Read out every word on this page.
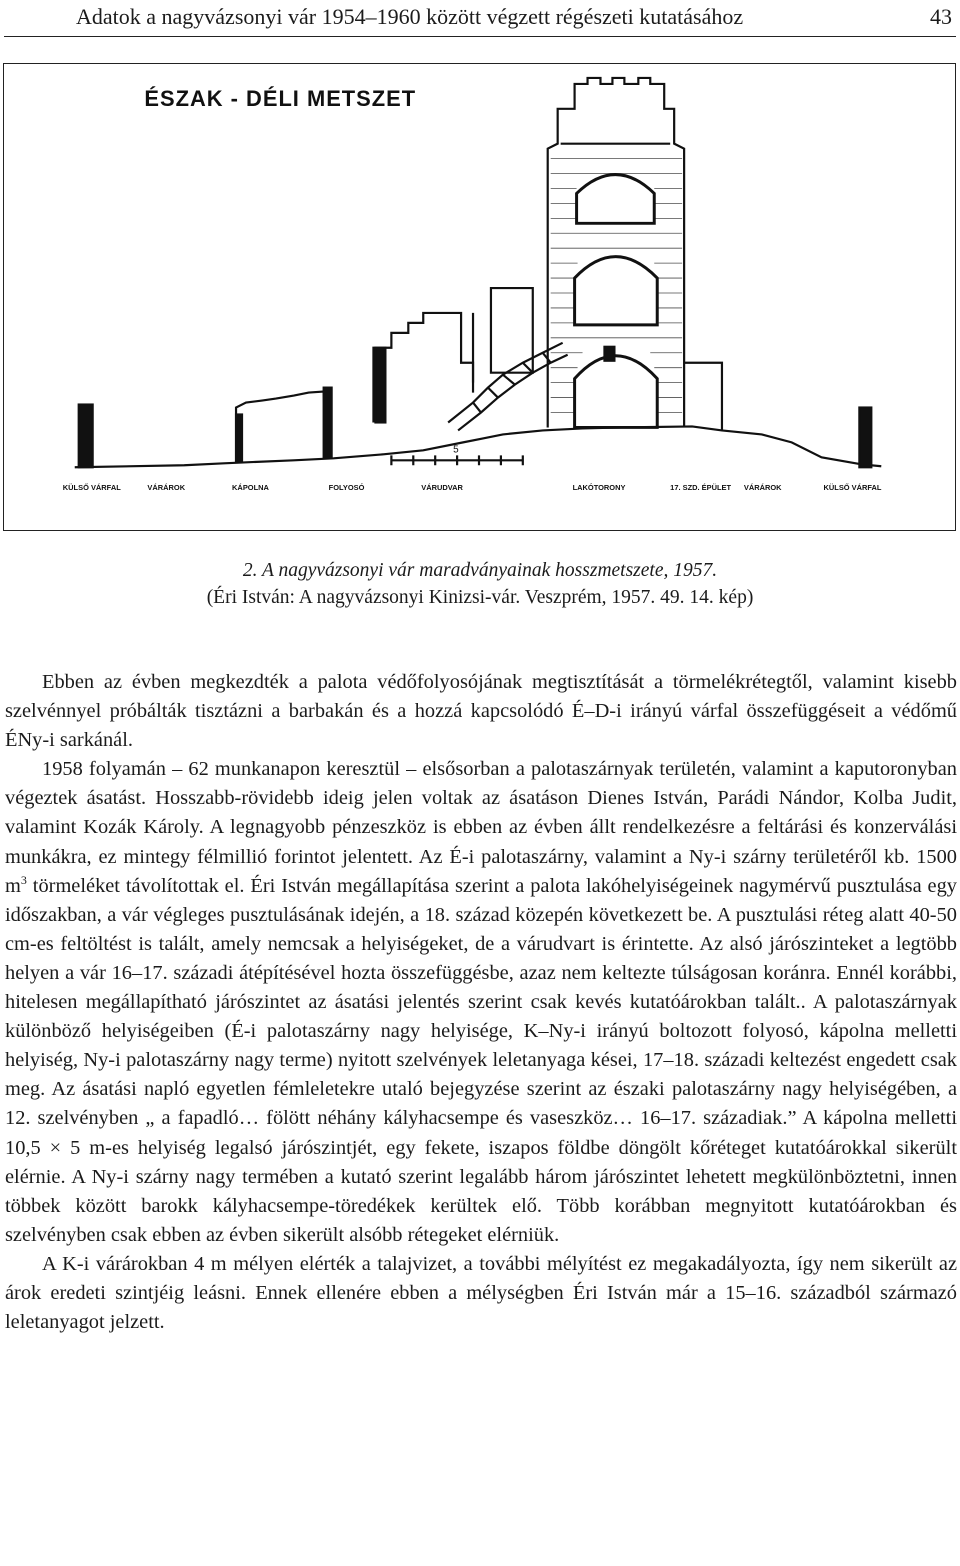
Adatok a nagyvázsonyi vár 1954–1960 között végzett régészeti kutatásához	43
ÉSZAK - DÉLI METSZET
5
KÜLSŐ VÁRFAL	VÁRÁROK	KÁPOLNA	FOLYOSÓ	VÁRUDVAR	LAKÓTORONY	17. SZD. ÉPÜLET VÁRÁROK	KÜLSŐ VÁRFAL
2. A nagyvázsonyi vár maradványainak hosszmetszete, 1957.
(Éri István: A nagyvázsonyi Kinizsi-vár. Veszprém, 1957. 49. 14. kép)

Ebben az évben megkezdték a palota védőfolyosójának megtisztítását a törmelékrétegtől, valamint kisebb szelvénnyel próbálták tisztázni a barbakán és a hozzá kapcsolódó É–D-i irányú várfal összefüggéseit a védőmű ÉNy-i sarkánál.

1958 folyamán – 62 munkanapon keresztül – elsősorban a palotaszárnyak területén, valamint a kaputoronyban végeztek ásatást. Hosszabb-rövidebb ideig jelen voltak az ásatáson Dienes István, Parádi Nándor, Kolba Judit, valamint Kozák Károly. A legnagyobb pénzeszköz is ebben az évben állt rendelkezésre a feltárási és konzerválási munkákra, ez mintegy félmillió forintot jelentett. Az É-i palotaszárny, valamint a Ny-i szárny területéről kb. 1500 $m^3$ törmeléket távolítottak el. Éri István megállapítása szerint a palota lakóhelyiségeinek nagymérvű pusztulása egy időszakban, a vár végleges pusztulásának idején, a 18. század közepén következett be. A pusztulási réteg alatt 40-50 cm-es feltöltést is talált, amely nemcsak a helyiségeket, de a várudvart is érintette. Az alsó járószinteket a legtöbb helyen a vár 16–17. századi átépítésével hozta összefüggésbe, azaz nem keltezte túlságosan koránra. Ennél korábbi, hitelesen megállapítható járószintet az ásatási jelentés szerint csak kevés kutatóárokban talált.. A palotaszárnyak különböző helyiségeiben (É-i palotaszárny nagy helyisége, K–Ny-i irányú boltozott folyosó, kápolna melletti helyiség, Ny-i palotaszárny nagy terme) nyitott szelvények leletanyaga kései, 17–18. századi keltezést engedett csak meg. Az ásatási napló egyetlen fémleletekre utaló bejegyzése szerint az északi palotaszárny nagy helyiségében, a 12. szelvényben „ a fapadló… fölött néhány kályhacsempe és vaseszköz… 16–17. századiak.” A kápolna melletti 10,5 × 5 m-es helyiség legalsó járószintjét, egy fekete, iszapos földbe döngölt kőréteget kutatóárokkal sikerült elérnie. A Ny-i szárny nagy termében a kutató szerint legalább három járószintet lehetett megkülönböztetni, innen többek között barokk kályhacsempe-töredékek kerültek elő. Több korábban megnyitott kutatóárokban és szelvényben csak ebben az évben sikerült alsóbb rétegeket elérniük.

A K-i várárokban 4 m mélyen elérték a talajvizet, a további mélyítést ez megakadályozta, így nem sikerült az árok eredeti szintjéig leásni. Ennek ellenére ebben a mélységben Éri István már a 15–16. századból származó leletanyagot jelzett.
